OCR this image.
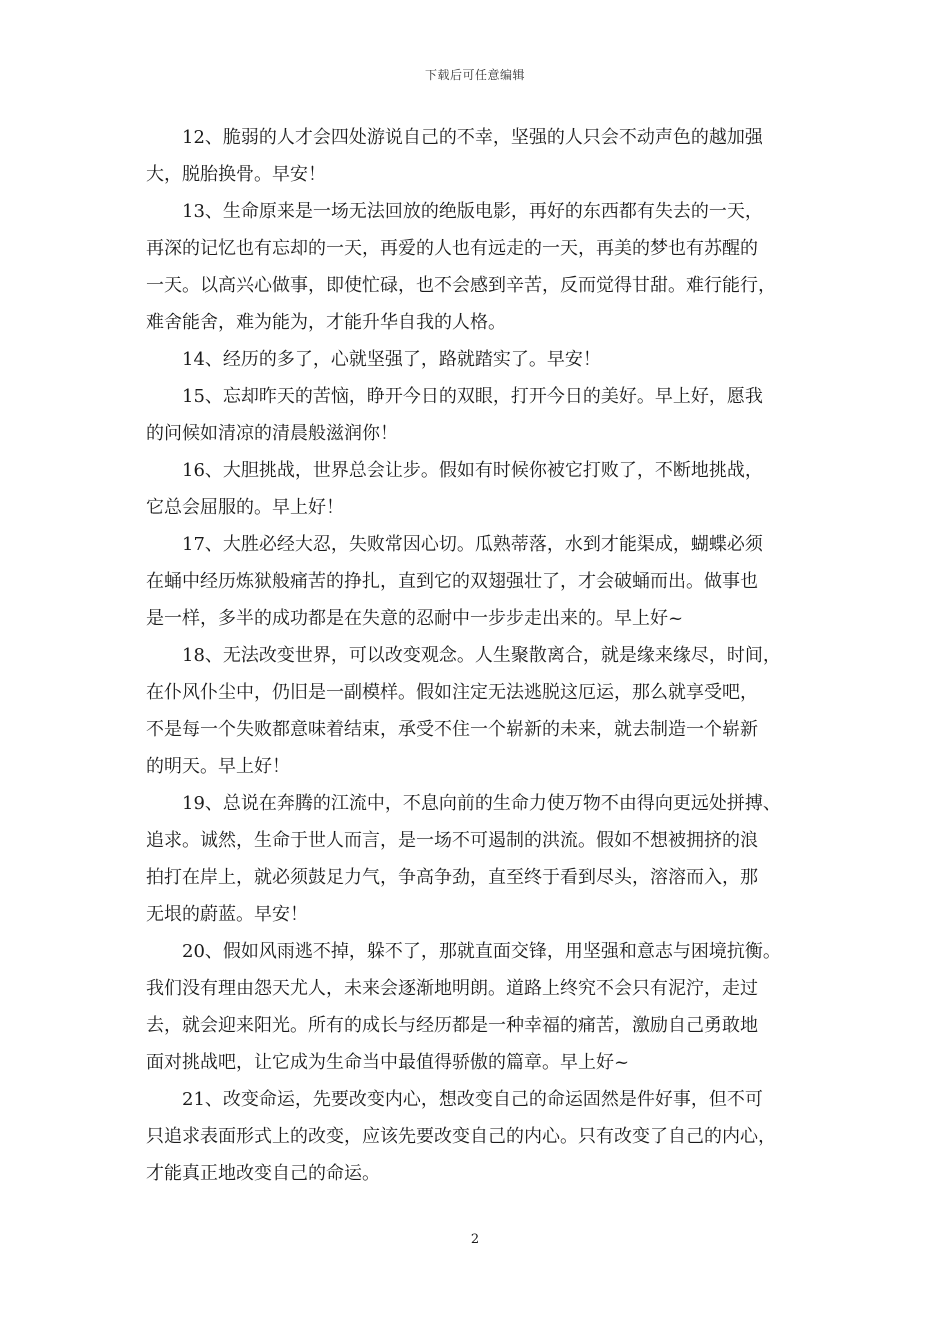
下载后可任意编辑

12、脆弱的人才会四处游说自己的不幸，坚强的人只会不动声色的越加强
大，脱胎换骨。早安！

13、生命原来是一场无法回放的绝版电影，再好的东西都有失去的一天，
再深的记忆也有忘却的一天，再爱的人也有远走的一天，再美的梦也有苏醒的
一天。以高兴心做事，即使忙碌，也不会感到辛苦，反而觉得甘甜。难行能行，
难舍能舍，难为能为，才能升华自我的人格。

14、经历的多了，心就坚强了，路就踏实了。早安！

15、忘却昨天的苦恼，睁开今日的双眼，打开今日的美好。早上好，愿我
的问候如清凉的清晨般滋润你！

16、大胆挑战，世界总会让步。假如有时候你被它打败了，不断地挑战，
它总会屈服的。早上好！

17、大胜必经大忍，失败常因心切。瓜熟蒂落，水到才能渠成，蝴蝶必须
在蛹中经历炼狱般痛苦的挣扎，直到它的双翅强壮了，才会破蛹而出。做事也
是一样，多半的成功都是在失意的忍耐中一步步走出来的。早上好~

18、无法改变世界，可以改变观念。人生聚散离合，就是缘来缘尽，时间，
在仆风仆尘中，仍旧是一副模样。假如注定无法逃脱这厄运，那么就享受吧，
不是每一个失败都意味着结束，承受不住一个崭新的未来，就去制造一个崭新
的明天。早上好！

19、总说在奔腾的江流中，不息向前的生命力使万物不由得向更远处拼搏、
追求。诚然，生命于世人而言，是一场不可遏制的洪流。假如不想被拥挤的浪
拍打在岸上，就必须鼓足力气，争高争劲，直至终于看到尽头，溶溶而入，那
无垠的蔚蓝。早安！

20、假如风雨逃不掉，躲不了，那就直面交锋，用坚强和意志与困境抗衡。
我们没有理由怨天尤人，未来会逐渐地明朗。道路上终究不会只有泥泞，走过
去，就会迎来阳光。所有的成长与经历都是一种幸福的痛苦，激励自己勇敢地
面对挑战吧，让它成为生命当中最值得骄傲的篇章。早上好~

21、改变命运，先要改变内心，想改变自己的命运固然是件好事，但不可
只追求表面形式上的改变，应该先要改变自己的内心。只有改变了自己的内心，
才能真正地改变自己的命运。

2
